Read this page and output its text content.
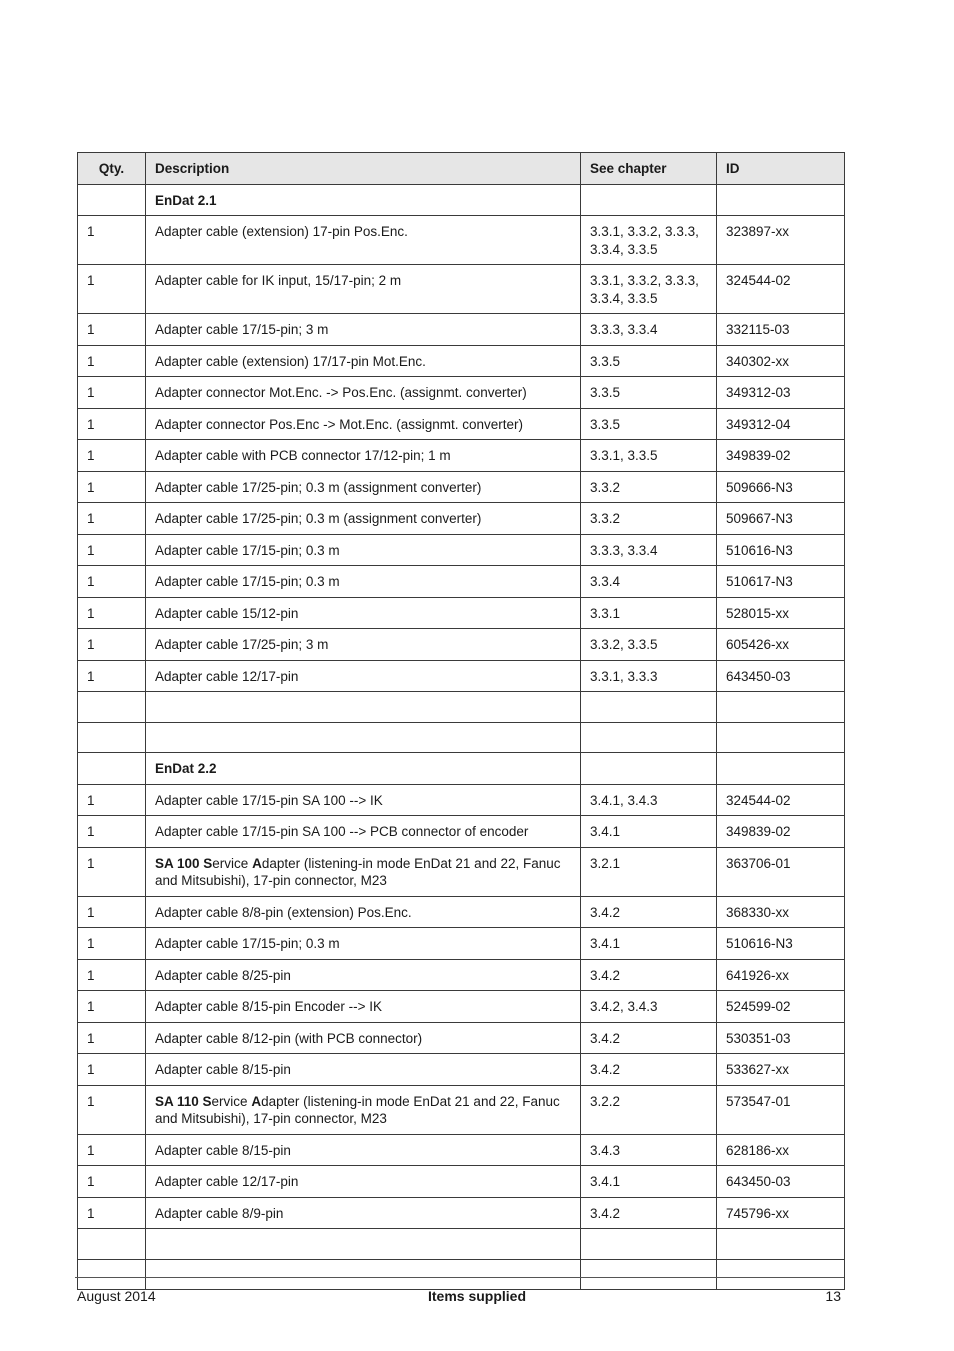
Qty.	Description	See chapter	ID
	EnDat 2.1		
1	Adapter cable (extension) 17-pin Pos.Enc.	3.3.1, 3.3.2, 3.3.3, 3.3.4, 3.3.5	323897-xx
1	Adapter cable for IK input, 15/17-pin; 2 m	3.3.1, 3.3.2, 3.3.3, 3.3.4, 3.3.5	324544-02
1	Adapter cable 17/15-pin; 3 m	3.3.3, 3.3.4	332115-03
1	Adapter cable (extension) 17/17-pin Mot.Enc.	3.3.5	340302-xx
1	Adapter connector Mot.Enc. -> Pos.Enc. (assignmt. converter)	3.3.5	349312-03
1	Adapter connector Pos.Enc -> Mot.Enc. (assignmt. converter)	3.3.5	349312-04
1	Adapter cable with PCB connector 17/12-pin; 1 m	3.3.1, 3.3.5	349839-02
1	Adapter cable 17/25-pin; 0.3 m (assignment converter)	3.3.2	509666-N3
1	Adapter cable 17/25-pin; 0.3 m (assignment converter)	3.3.2	509667-N3
1	Adapter cable 17/15-pin; 0.3 m	3.3.3, 3.3.4	510616-N3
1	Adapter cable 17/15-pin; 0.3 m	3.3.4	510617-N3
1	Adapter cable 15/12-pin	3.3.1	528015-xx
1	Adapter cable 17/25-pin; 3 m	3.3.2, 3.3.5	605426-xx
1	Adapter cable 12/17-pin	3.3.1, 3.3.3	643450-03

	EnDat 2.2		
1	Adapter cable 17/15-pin SA 100 --> IK	3.4.1, 3.4.3	324544-02
1	Adapter cable 17/15-pin SA 100 --> PCB connector of encoder	3.4.1	349839-02
1	SA 100 Service Adapter (listening-in mode EnDat 21 and 22, Fanuc and Mitsubishi), 17-pin connector, M23	3.2.1	363706-01
1	Adapter cable 8/8-pin (extension) Pos.Enc.	3.4.2	368330-xx
1	Adapter cable 17/15-pin; 0.3 m	3.4.1	510616-N3
1	Adapter cable 8/25-pin	3.4.2	641926-xx
1	Adapter cable 8/15-pin Encoder --> IK	3.4.2, 3.4.3	524599-02
1	Adapter cable 8/12-pin (with PCB connector)	3.4.2	530351-03
1	Adapter cable 8/15-pin	3.4.2	533627-xx
1	SA 110 Service Adapter (listening-in mode EnDat 21 and 22, Fanuc and Mitsubishi), 17-pin connector, M23	3.2.2	573547-01
1	Adapter cable 8/15-pin	3.4.3	628186-xx
1	Adapter cable 12/17-pin	3.4.1	643450-03
1	Adapter cable 8/9-pin	3.4.2	745796-xx

August 2014	Items supplied	13
